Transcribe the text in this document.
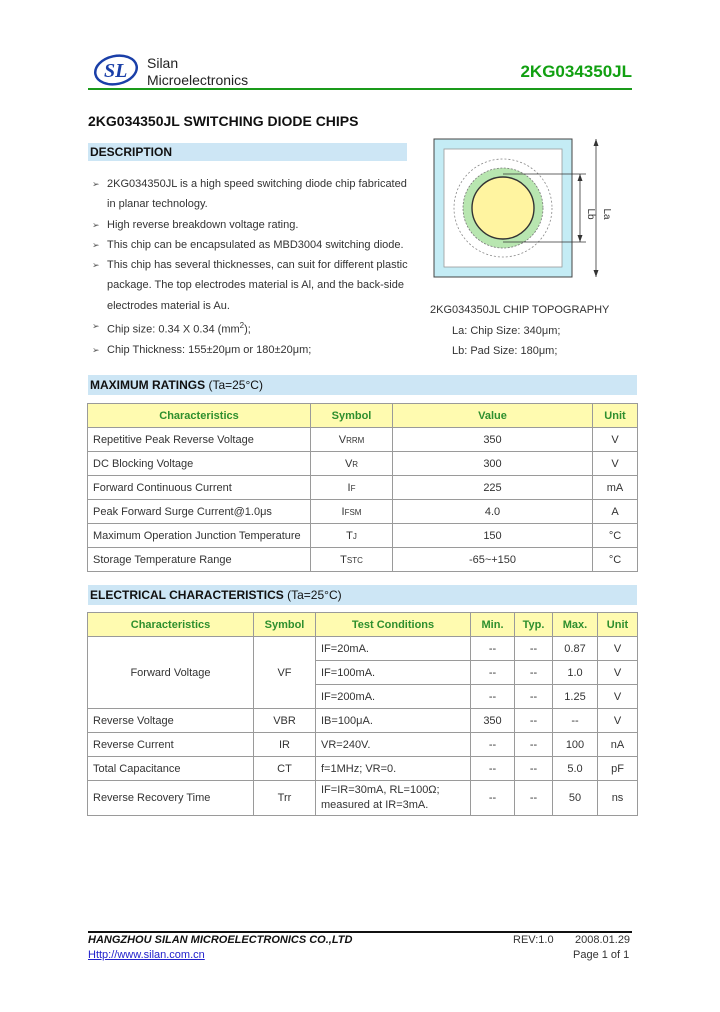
SL Silan
Microelectronics	2KG034350JL
2KG034350JL SWITCHING DIODE CHIPS
DESCRIPTION
➢ 2KG034350JL is a high speed switching diode chip fabricated in planar technology.
➢ High reverse breakdown voltage rating.
➢ This chip can be encapsulated as MBD3004 switching diode.
➢ This chip has several thicknesses, can suit for different plastic package. The top electrodes material is Al, and the back-side electrodes material is Au.
➢ Chip size: 0.34 X 0.34 $(mm^2)$;
➢ Chip Thickness: 155±20μm or 180±20μm;
Lb La
2KG034350JL CHIP TOPOGRAPHY
La: Chip Size: 340μm;
Lb: Pad Size: 180μm;
MAXIMUM RATINGS (Ta=25°C)
Characteristics	Symbol	Value	Unit
Repetitive Peak Reverse Voltage	VRRM	350	V
DC Blocking Voltage	VR	300	V
Forward Continuous Current	IF	225	mA
Peak Forward Surge Current@1.0μs	IFSM	4.0	A
Maximum Operation Junction Temperature	TJ	150	°C
Storage Temperature Range	TSTC	-65~+150	°C
ELECTRICAL CHARACTERISTICS (Ta=25°C)
Characteristics	Symbol	Test Conditions	Min.	Typ.	Max.	Unit
Forward Voltage	VF	IF=20mA.	--	--	0.87	V
		IF=100mA.	--	--	1.0	V
		IF=200mA.	--	--	1.25	V
Reverse Voltage	VBR	IB=100μA.	350	--	--	V
Reverse Current	IR	VR=240V.	--	--	100	nA
Total Capacitance	CT	f=1MHz; VR=0.	--	--	5.0	pF
Reverse Recovery Time	Trr	IF=IR=30mA, RL=100Ω;
measured at IR=3mA.	--	--	50	ns
HANGZHOU SILAN MICROELECTRONICS CO.,LTD
Http://www.silan.com.cn
REV:1.0 2008.01.29
Page 1 of 1
